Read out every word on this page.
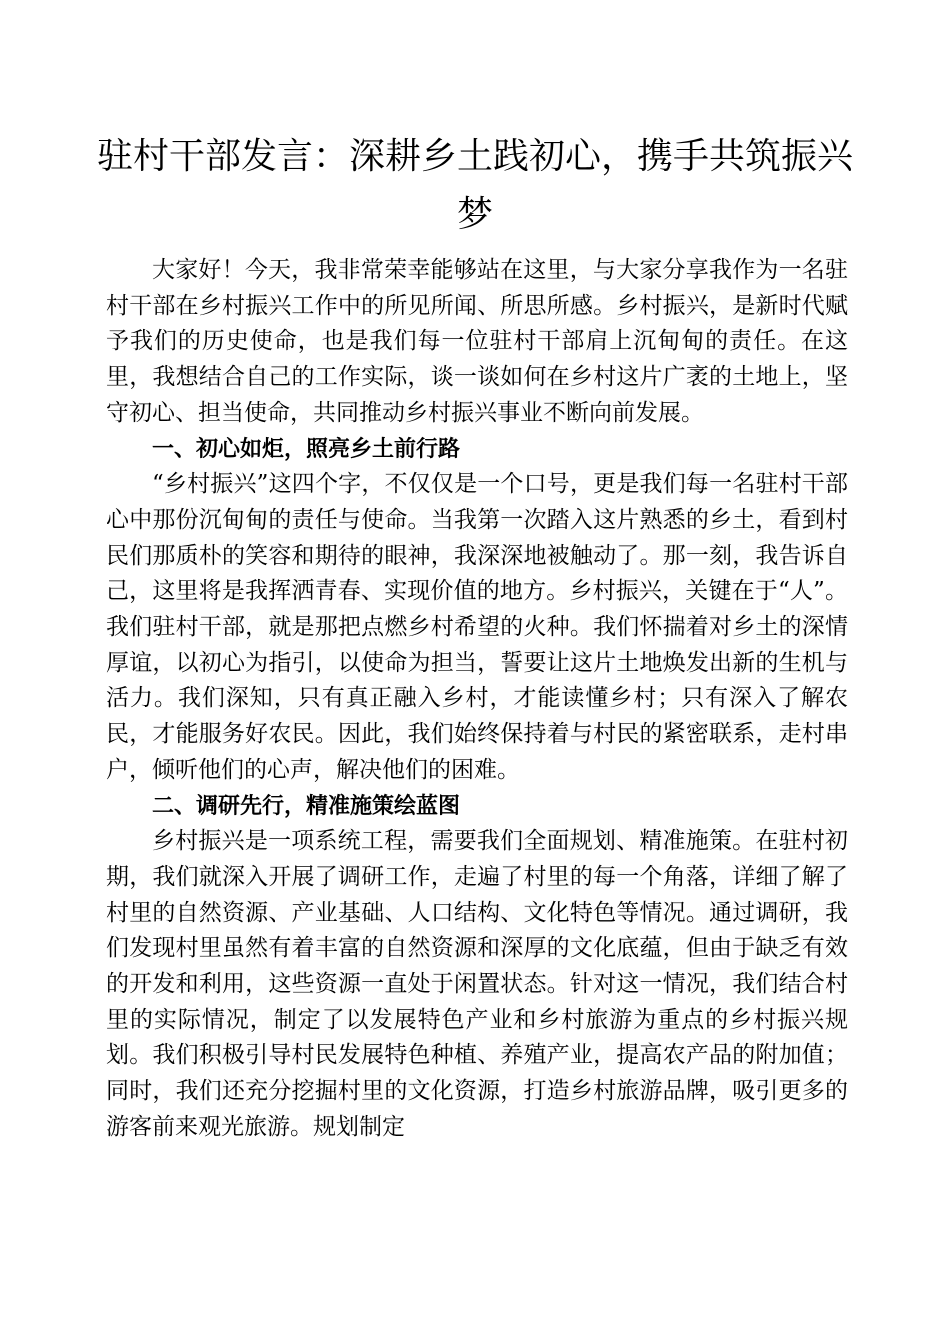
驻村干部发言：深耕乡土践初心，携手共筑振兴梦

大家好！今天，我非常荣幸能够站在这里，与大家分享我作为一名驻村干部在乡村振兴工作中的所见所闻、所思所感。乡村振兴，是新时代赋予我们的历史使命，也是我们每一位驻村干部肩上沉甸甸的责任。在这里，我想结合自己的工作实际，谈一谈如何在乡村这片广袤的土地上，坚守初心、担当使命，共同推动乡村振兴事业不断向前发展。

一、初心如炬，照亮乡土前行路

“乡村振兴”这四个字，不仅仅是一个口号，更是我们每一名驻村干部心中那份沉甸甸的责任与使命。当我第一次踏入这片熟悉的乡土，看到村民们那质朴的笑容和期待的眼神，我深深地被触动了。那一刻，我告诉自己，这里将是我挥洒青春、实现价值的地方。乡村振兴，关键在于“人”。我们驻村干部，就是那把点燃乡村希望的火种。我们怀揣着对乡土的深情厚谊，以初心为指引，以使命为担当，誓要让这片土地焕发出新的生机与活力。我们深知，只有真正融入乡村，才能读懂乡村；只有深入了解农民，才能服务好农民。因此，我们始终保持着与村民的紧密联系，走村串户，倾听他们的心声，解决他们的困难。

二、调研先行，精准施策绘蓝图

乡村振兴是一项系统工程，需要我们全面规划、精准施策。在驻村初期，我们就深入开展了调研工作，走遍了村里的每一个角落，详细了解了村里的自然资源、产业基础、人口结构、文化特色等情况。通过调研，我们发现村里虽然有着丰富的自然资源和深厚的文化底蕴，但由于缺乏有效的开发和利用，这些资源一直处于闲置状态。针对这一情况，我们结合村里的实际情况，制定了以发展特色产业和乡村旅游为重点的乡村振兴规划。我们积极引导村民发展特色种植、养殖产业，提高农产品的附加值；同时，我们还充分挖掘村里的文化资源，打造乡村旅游品牌，吸引更多的游客前来观光旅游。规划制定
